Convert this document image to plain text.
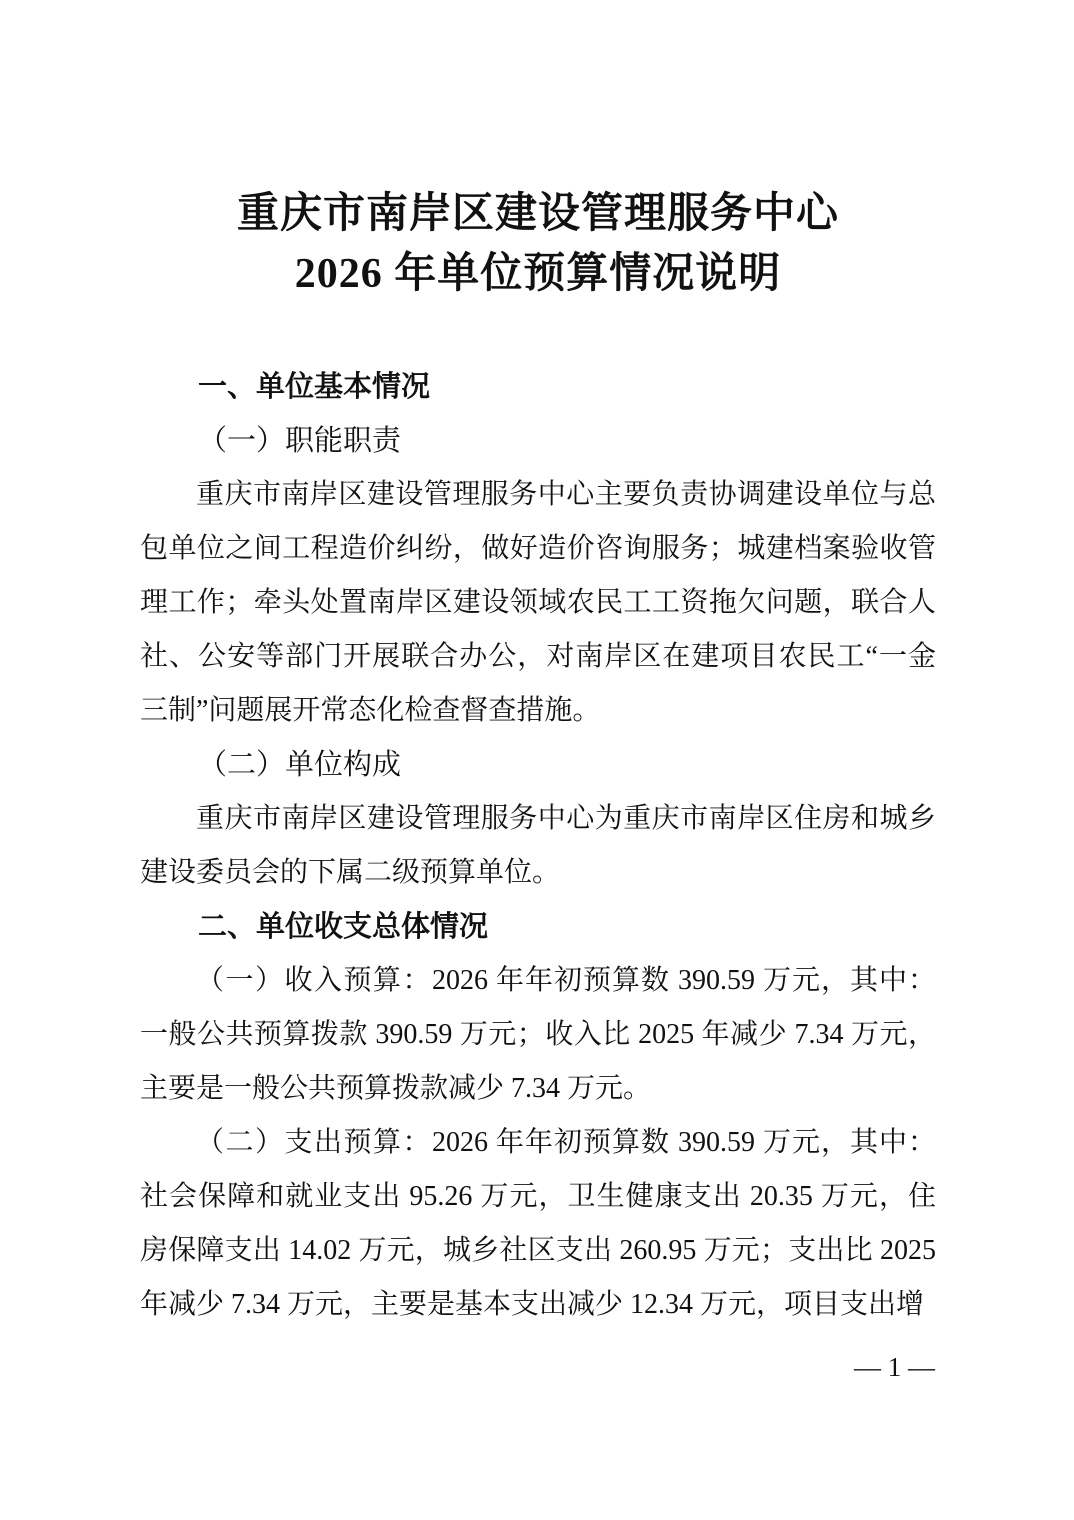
重庆市南岸区建设管理服务中心
2026 年单位预算情况说明
一、单位基本情况
（一）职能职责
重庆市南岸区建设管理服务中心主要负责协调建设单位与总包单位之间工程造价纠纷，做好造价咨询服务；城建档案验收管理工作；牵头处置南岸区建设领域农民工工资拖欠问题，联合人社、公安等部门开展联合办公，对南岸区在建项目农民工“一金三制”问题展开常态化检查督查措施。
（二）单位构成
重庆市南岸区建设管理服务中心为重庆市南岸区住房和城乡建设委员会的下属二级预算单位。
二、单位收支总体情况
（一）收入预算：2026 年年初预算数 390.59 万元，其中：一般公共预算拨款 390.59 万元；收入比 2025 年减少 7.34 万元，主要是一般公共预算拨款减少 7.34 万元。
（二）支出预算：2026 年年初预算数 390.59 万元，其中：社会保障和就业支出 95.26 万元，卫生健康支出 20.35 万元，住房保障支出 14.02 万元，城乡社区支出 260.95 万元；支出比 2025 年减少 7.34 万元，主要是基本支出减少 12.34 万元，项目支出增
— 1 —
